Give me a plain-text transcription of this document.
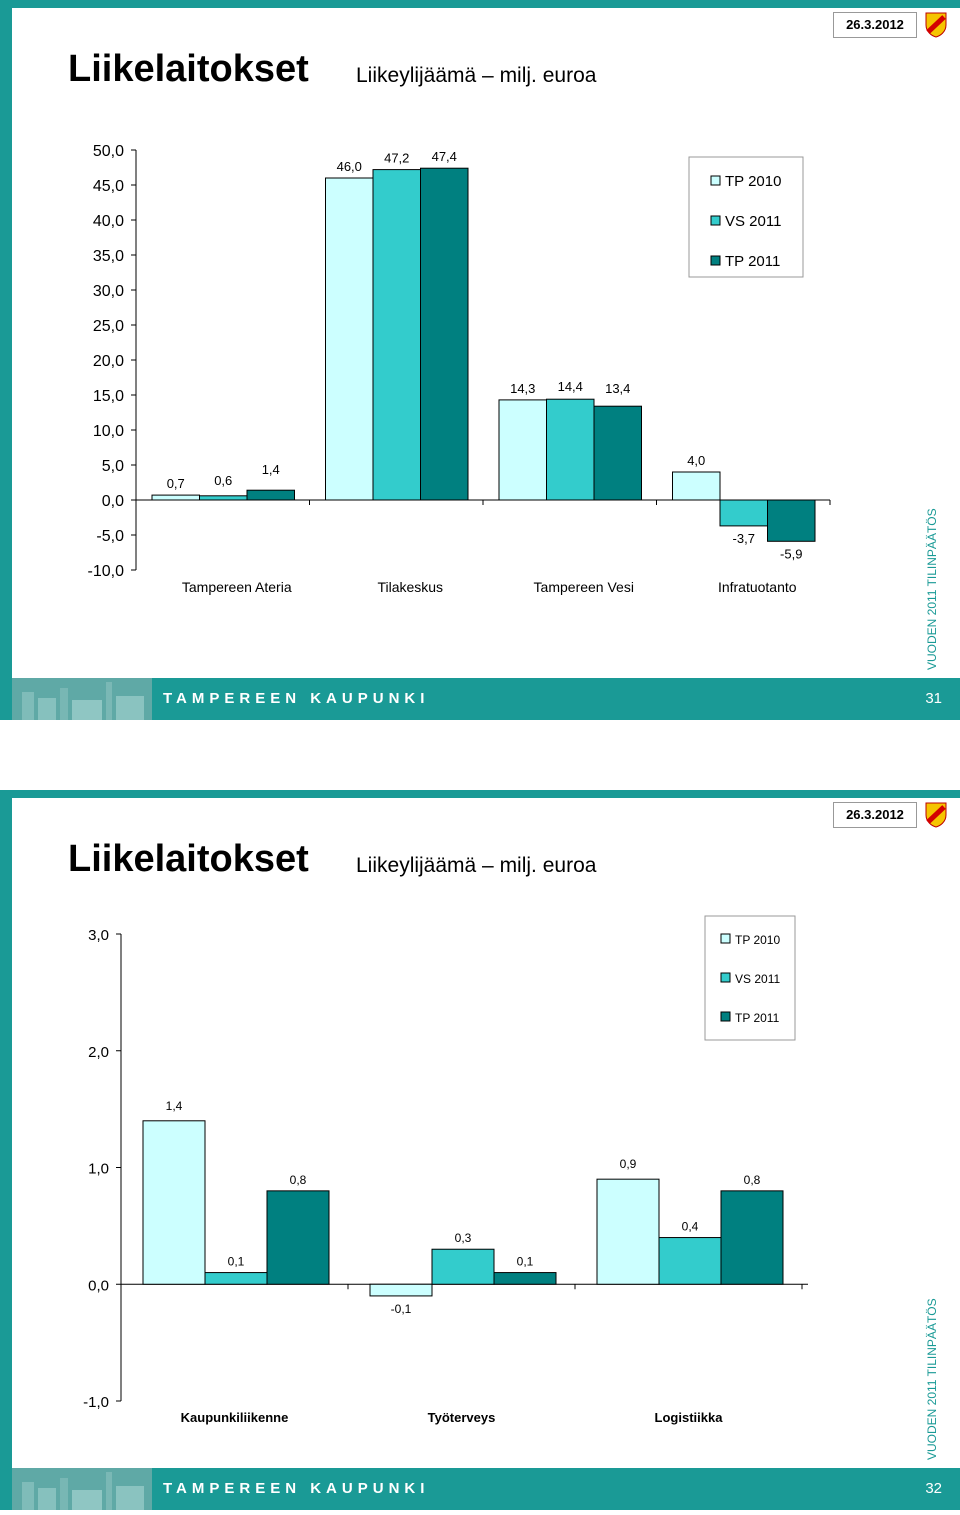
26.3.2012
Liikelaitokset Liikeylijäämä – milj. euroa
50,0
45,0
40,0
35,0
30,0
25,0
20,0
15,0
10,0
5,0
0,0
-5,0
-10,0
0,7
46,0
14,3
4,0
0,6
47,2
14,4
-3,7
1,4
47,4
13,4
-5,9
Tampereen Ateria	Tilakeskus	Tampereen Vesi	Infratuotanto
TP 2010
VS 2011
TP 2011
VUODEN 2011 TILINPÄÄTÖS
TAMPEREEN KAUPUNKI	31
26.3.2012
Liikelaitokset Liikeylijäämä – milj. euroa
3,0
2,0
1,0
0,0
-1,0
1,4
-0,1
0,9
0,1
0,3
0,4
0,8
0,1
0,8
Kaupunkiliikenne	Työterveys	Logistiikka
TP 2010
VS 2011
TP 2011
VUODEN 2011 TILINPÄÄTÖS
TAMPEREEN KAUPUNKI	32
